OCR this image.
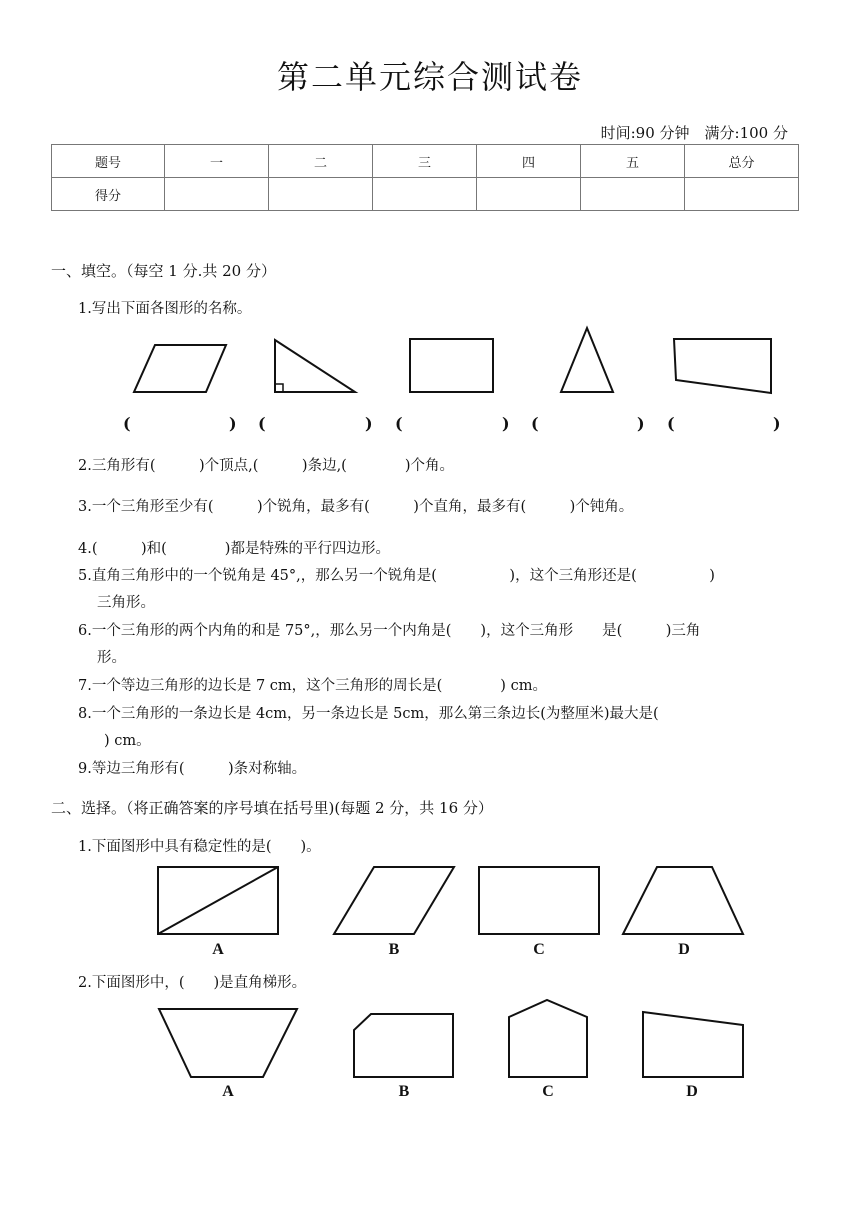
第二单元综合测试卷
时间:90 分钟　满分:100 分
题号	一	二	三	四	五	总分
得分						
一、填空。（每空 1 分.共 20 分）
1.写出下面各图形的名称。
(	) (	) (	) (	) (	)
2.三角形有(　　　)个顶点,(　　　)条边,(　　　　)个角。
3.一个三角形至少有(　　　)个锐角，最多有(　　　)个直角，最多有(　　　)个钝角。
4.(　　　)和(　　　　)都是特殊的平行四边形。
5.直角三角形中的一个锐角是 45°,，那么另一个锐角是(　　　　　)，这个三角形还是(　　　　　)
三角形。
6.一个三角形的两个内角的和是 75°,，那么另一个内角是(　　)，这个三角形　　是(　　　)三角
形。
7.一个等边三角形的边长是 7 cm，这个三角形的周长是(　　　　) cm。
8.一个三角形的一条边长是 4cm，另一条边长是 5cm，那么第三条边长(为整厘米)最大是(
) cm。
9.等边三角形有(　　　)条对称轴。
二、选择。（将正确答案的序号填在括号里)(每题 2 分，共 16 分）
1.下面图形中具有稳定性的是(　　)。
A	B	C	D
2.下面图形中，(　　)是直角梯形。
A	B	C	D
